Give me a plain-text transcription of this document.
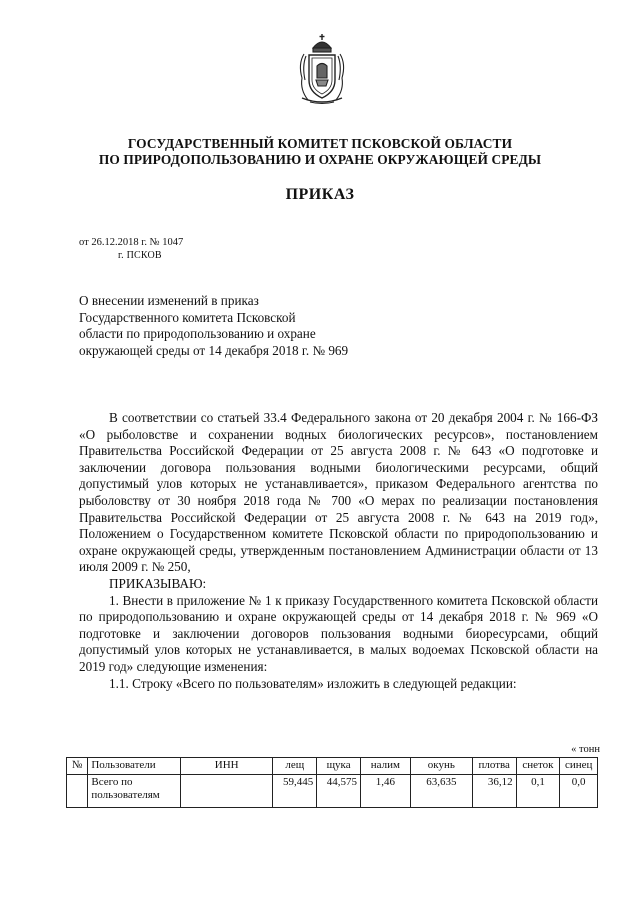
ГОСУДАРСТВЕННЫЙ КОМИТЕТ ПСКОВСКОЙ ОБЛАСТИ
ПО ПРИРОДОПОЛЬЗОВАНИЮ И ОХРАНЕ ОКРУЖАЮЩЕЙ СРЕДЫ
ПРИКАЗ
от 26.12.2018 г. № 1047
г. ПСКОВ
О внесении изменений в приказ
Государственного комитета Псковской
области по природопользованию и охране
окружающей среды от 14 декабря 2018 г. № 969

В соответствии со статьей 33.4 Федерального закона от 20 декабря 2004 г. № 166-ФЗ «О рыболовстве и сохранении водных биологических ресурсов», постановлением Правительства Российской Федерации от 25 августа 2008 г. № 643 «О подготовке и заключении договора пользования водными биологическими ресурсами, общий допустимый улов которых не устанавливается», приказом Федерального агентства по рыболовству от 30 ноября 2018 года № 700 «О мерах по реализации постановления Правительства Российской Федерации от 25 августа 2008 г. № 643 на 2019 год», Положением о Государственном комитете Псковской области по природопользованию и охране окружающей среды, утвержденным постановлением Администрации области от 13 июля 2009 г. № 250,

ПРИКАЗЫВАЮ:

1. Внести в приложение № 1 к приказу Государственного комитета Псковской области по природопользованию и охране окружающей среды от 14 декабря 2018 г. № 969 «О подготовке и заключении договоров пользования водными биоресурсами, общий допустимый улов которых не устанавливается, в малых водоемах Псковской области на 2019 год» следующие изменения:

1.1. Строку «Всего по пользователям» изложить в следующей редакции:

« тонн
№	Пользователи	ИНН	лещ	щука	налим	окунь	плотва	снеток	синец

	Всего по пользователям		59,445	44,575	1,46	63,635	36,12	0,1	0,0
